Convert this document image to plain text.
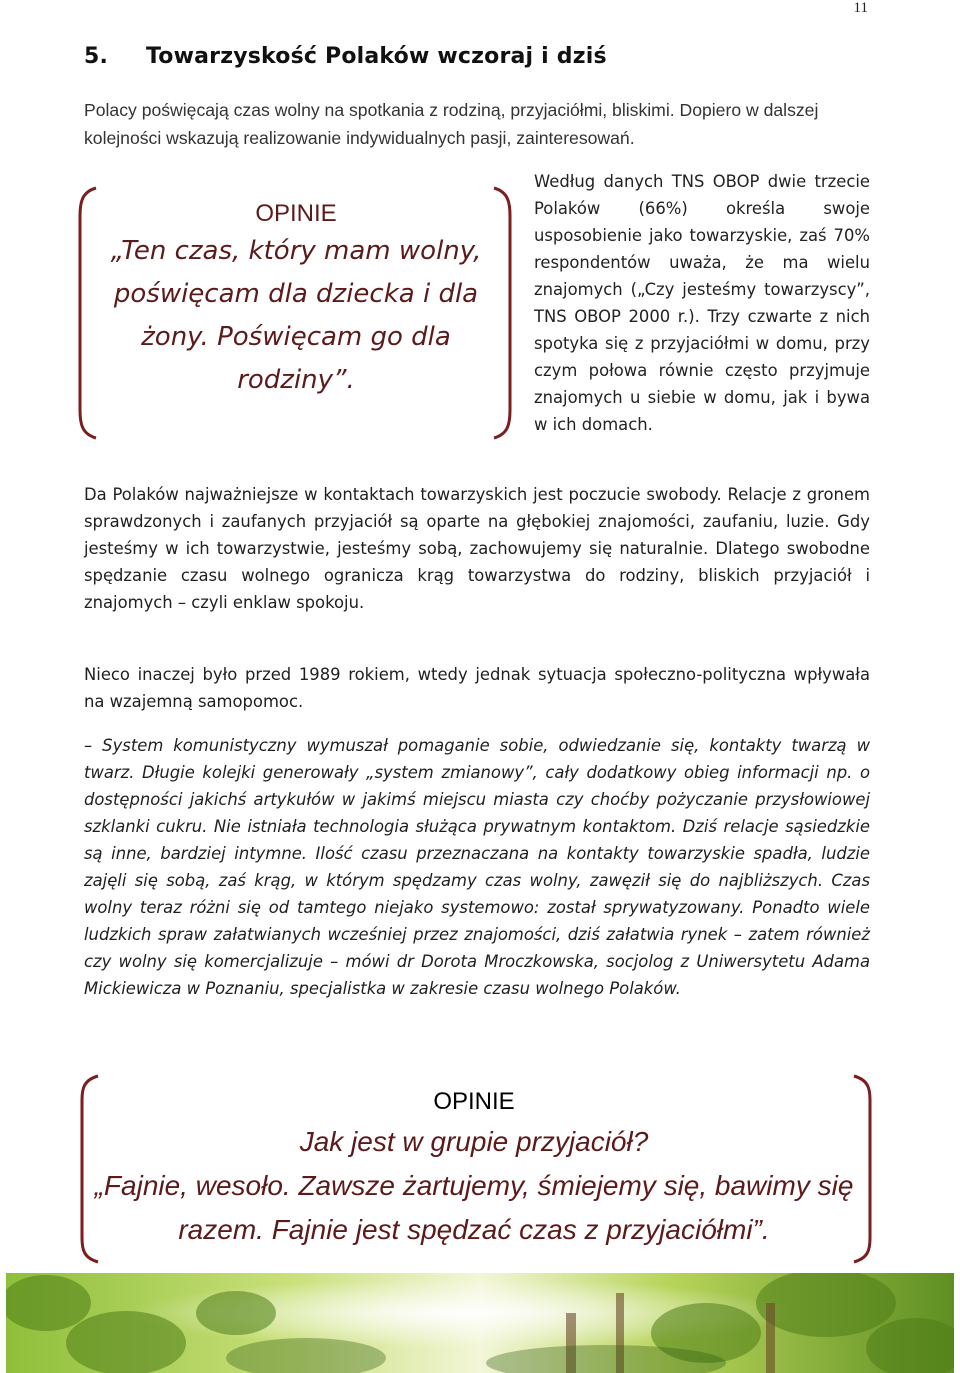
11
5. Towarzyskość Polaków wczoraj i dziś
Polacy poświęcają czas wolny na spotkania z rodziną, przyjaciółmi, bliskimi. Dopiero w dalszej kolejności wskazują realizowanie indywidualnych pasji, zainteresowań.
OPINIE
„Ten czas, który mam wolny, poświęcam dla dziecka i dla żony. Poświęcam go dla rodziny”.
Według danych TNS OBOP dwie trzecie Polaków (66%) określa swoje usposobienie jako towarzyskie, zaś 70% respondentów uważa, że ma wielu znajomych („Czy jesteśmy towarzyscy”, TNS OBOP 2000 r.). Trzy czwarte z nich spotyka się z przyjaciółmi w domu, przy czym połowa równie często przyjmuje znajomych u siebie w domu, jak i bywa w ich domach.
Da Polaków najważniejsze w kontaktach towarzyskich jest poczucie swobody. Relacje z gronem sprawdzonych i zaufanych przyjaciół są oparte na głębokiej znajomości, zaufaniu, luzie. Gdy jesteśmy w ich towarzystwie, jesteśmy sobą, zachowujemy się naturalnie. Dlatego swobodne spędzanie czasu wolnego ogranicza krąg towarzystwa do rodziny, bliskich przyjaciół i znajomych – czyli enklaw spokoju.
Nieco inaczej było przed 1989 rokiem, wtedy jednak sytuacja społeczno-polityczna wpływała na wzajemną samopomoc.
– System komunistyczny wymuszał pomaganie sobie, odwiedzanie się, kontakty twarzą w twarz. Długie kolejki generowały „system zmianowy”, cały dodatkowy obieg informacji np. o dostępności jakichś artykułów w jakimś miejscu miasta czy choćby pożyczanie przysłowiowej szklanki cukru. Nie istniała technologia służąca prywatnym kontaktom. Dziś relacje sąsiedzkie są inne, bardziej intymne. Ilość czasu przeznaczana na kontakty towarzyskie spadła, ludzie zajęli się sobą, zaś krąg, w którym spędzamy czas wolny, zawęził się do najbliższych. Czas wolny teraz różni się od tamtego niejako systemowo: został sprywatyzowany. Ponadto wiele ludzkich spraw załatwianych wcześniej przez znajomości, dziś załatwia rynek – zatem również czy wolny się komercjalizuje – mówi dr Dorota Mroczkowska, socjolog z Uniwersytetu Adama Mickiewicza w Poznaniu, specjalistka w zakresie czasu wolnego Polaków.
OPINIE
Jak jest w grupie przyjaciół?
„Fajnie, wesoło. Zawsze żartujemy, śmiejemy się, bawimy się razem. Fajnie jest spędzać czas z przyjaciółmi”.
